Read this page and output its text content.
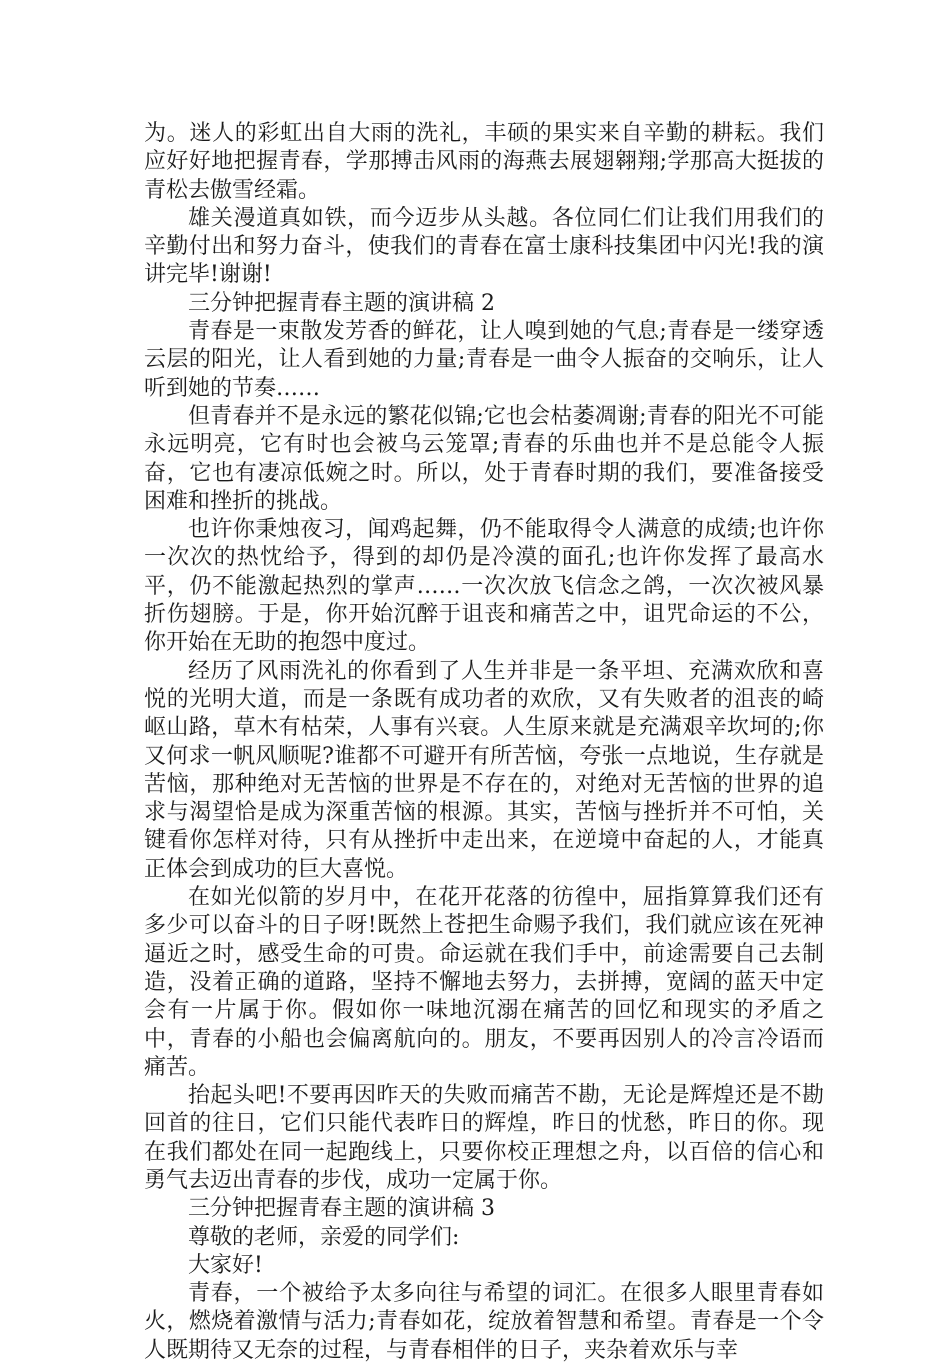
为。迷人的彩虹出自大雨的洗礼，丰硕的果实来自辛勤的耕耘。我们应好好地把握青春，学那搏击风雨的海燕去展翅翱翔;学那高大挺拔的 青松去傲雪经霜。

雄关漫道真如铁，而今迈步从头越。各位同仁们让我们用我们的辛勤付出和努力奋斗，使我们的青春在富士康科技集团中闪光!我的演讲完毕!谢谢!

三分钟把握青春主题的演讲稿 2

青春是一束散发芳香的鲜花，让人嗅到她的气息;青春是一缕穿透云层的阳光，让人看到她的力量;青春是一曲令人振奋的交响乐，让人听到她的节奏……

但青春并不是永远的繁花似锦;它也会枯萎凋谢;青春的阳光不可能永远明亮，它有时也会被乌云笼罩;青春的乐曲也并不是总能令人振奋，它也有凄凉低婉之时。所以，处于青春时期的我们，要准备接受困难和挫折的挑战。

也许你秉烛夜习，闻鸡起舞，仍不能取得令人满意的成绩;也许你一次次的热忱给予，得到的却仍是冷漠的面孔;也许你发挥了最高水平，仍不能激起热烈的掌声……一次次放飞信念之鸽，一次次被风暴折伤翅膀。于是，你开始沉醉于诅丧和痛苦之中，诅咒命运的不公，你开始在无助的抱怨中度过。

经历了风雨洗礼的你看到了人生并非是一条平坦、充满欢欣和喜悦的光明大道，而是一条既有成功者的欢欣，又有失败者的沮丧的崎岖山路，草木有枯荣，人事有兴衰。人生原来就是充满艰辛坎坷的;你又何求一帆风顺呢?谁都不可避开有所苦恼，夸张一点地说，生存就是苦恼，那种绝对无苦恼的世界是不存在的，对绝对无苦恼的世界的追求与渴望恰是成为深重苦恼的根源。其实，苦恼与挫折并不可怕，关键看你怎样对待，只有从挫折中走出来，在逆境中奋起的人，才能真正体会到成功的巨大喜悦。

在如光似箭的岁月中，在花开花落的彷徨中，屈指算算我们还有多少可以奋斗的日子呀!既然上苍把生命赐予我们，我们就应该在死神逼近之时，感受生命的可贵。命运就在我们手中，前途需要自己去制造，没着正确的道路，坚持不懈地去努力，去拼搏，宽阔的蓝天中定会有一片属于你。假如你一味地沉溺在痛苦的回忆和现实的矛盾之中，青春的小船也会偏离航向的。朋友，不要再因别人的冷言冷语而痛苦。

抬起头吧!不要再因昨天的失败而痛苦不勘，无论是辉煌还是不勘回首的往日，它们只能代表昨日的辉煌，昨日的忧愁，昨日的你。现在我们都处在同一起跑线上，只要你校正理想之舟，以百倍的信心和勇气去迈出青春的步伐，成功一定属于你。

三分钟把握青春主题的演讲稿 3

尊敬的老师，亲爱的同学们:

大家好!

青春，一个被给予太多向往与希望的词汇。在很多人眼里青春如火，燃烧着激情与活力;青春如花，绽放着智慧和希望。青春是一个令人既期待又无奈的过程，与青春相伴的日子，夹杂着欢乐与幸
